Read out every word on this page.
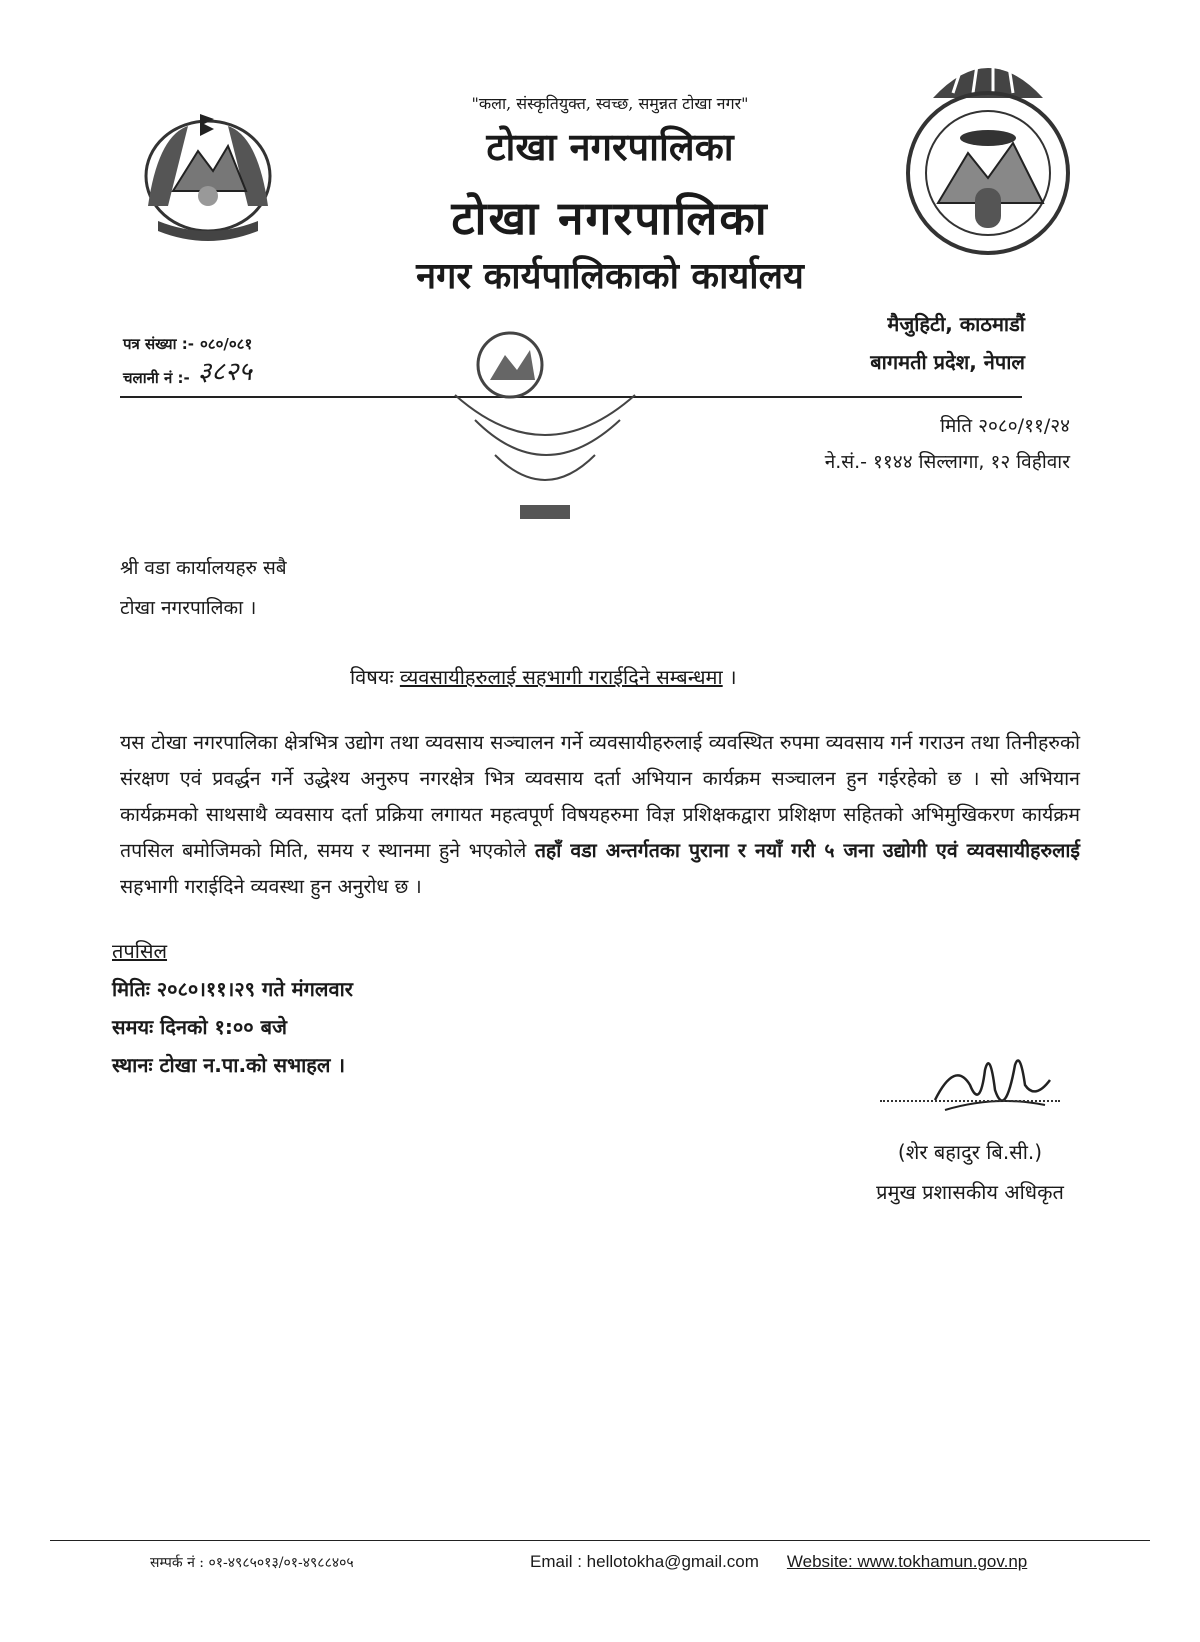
"कला, संस्कृतियुक्त, स्वच्छ, समुन्नत टोखा नगर"
टोखा नगरपालिका
टोखा नगरपालिका
नगर कार्यपालिकाको कार्यालय
पत्र संख्या :- ०८०/०८१
चलानी नं :- ३८२५
मैजुहिटी, काठमाडौं
बागमती प्रदेश, नेपाल
मिति २०८०/११/२४
ने.सं.- ११४४ सिल्लागा, १२ विहीवार
श्री वडा कार्यालयहरु सबै
टोखा नगरपालिका ।
विषयः व्यवसायीहरुलाई सहभागी गराईदिने सम्बन्धमा ।
यस टोखा नगरपालिका क्षेत्रभित्र उद्योग तथा व्यवसाय सञ्चालन गर्ने व्यवसायीहरुलाई व्यवस्थित रुपमा व्यवसाय गर्न गराउन तथा तिनीहरुको संरक्षण एवं प्रवर्द्धन गर्ने उद्धेश्य अनुरुप नगरक्षेत्र भित्र व्यवसाय दर्ता अभियान कार्यक्रम सञ्चालन हुन गईरहेको छ । सो अभियान कार्यक्रमको साथसाथै व्यवसाय दर्ता प्रक्रिया लगायत महत्वपूर्ण विषयहरुमा विज्ञ प्रशिक्षकद्वारा प्रशिक्षण सहितको अभिमुखिकरण कार्यक्रम तपसिल बमोजिमको मिति, समय र स्थानमा हुने भएकोले तहाँ वडा अन्तर्गतका पुराना र नयाँ गरी ५ जना उद्योगी एवं व्यवसायीहरुलाई सहभागी गराईदिने व्यवस्था हुन अनुरोध छ ।
तपसिल
मितिः २०८०।११।२९ गते मंगलवार
समयः दिनको १:०० बजे
स्थानः टोखा न.पा.को सभाहल ।
(शेर बहादुर बि.सी.)
प्रमुख प्रशासकीय अधिकृत
सम्पर्क नं : ०१-४९८५०१३/०१-४९८८४०५	Email : hellotokha@gmail.com Website: www.tokhamun.gov.np
